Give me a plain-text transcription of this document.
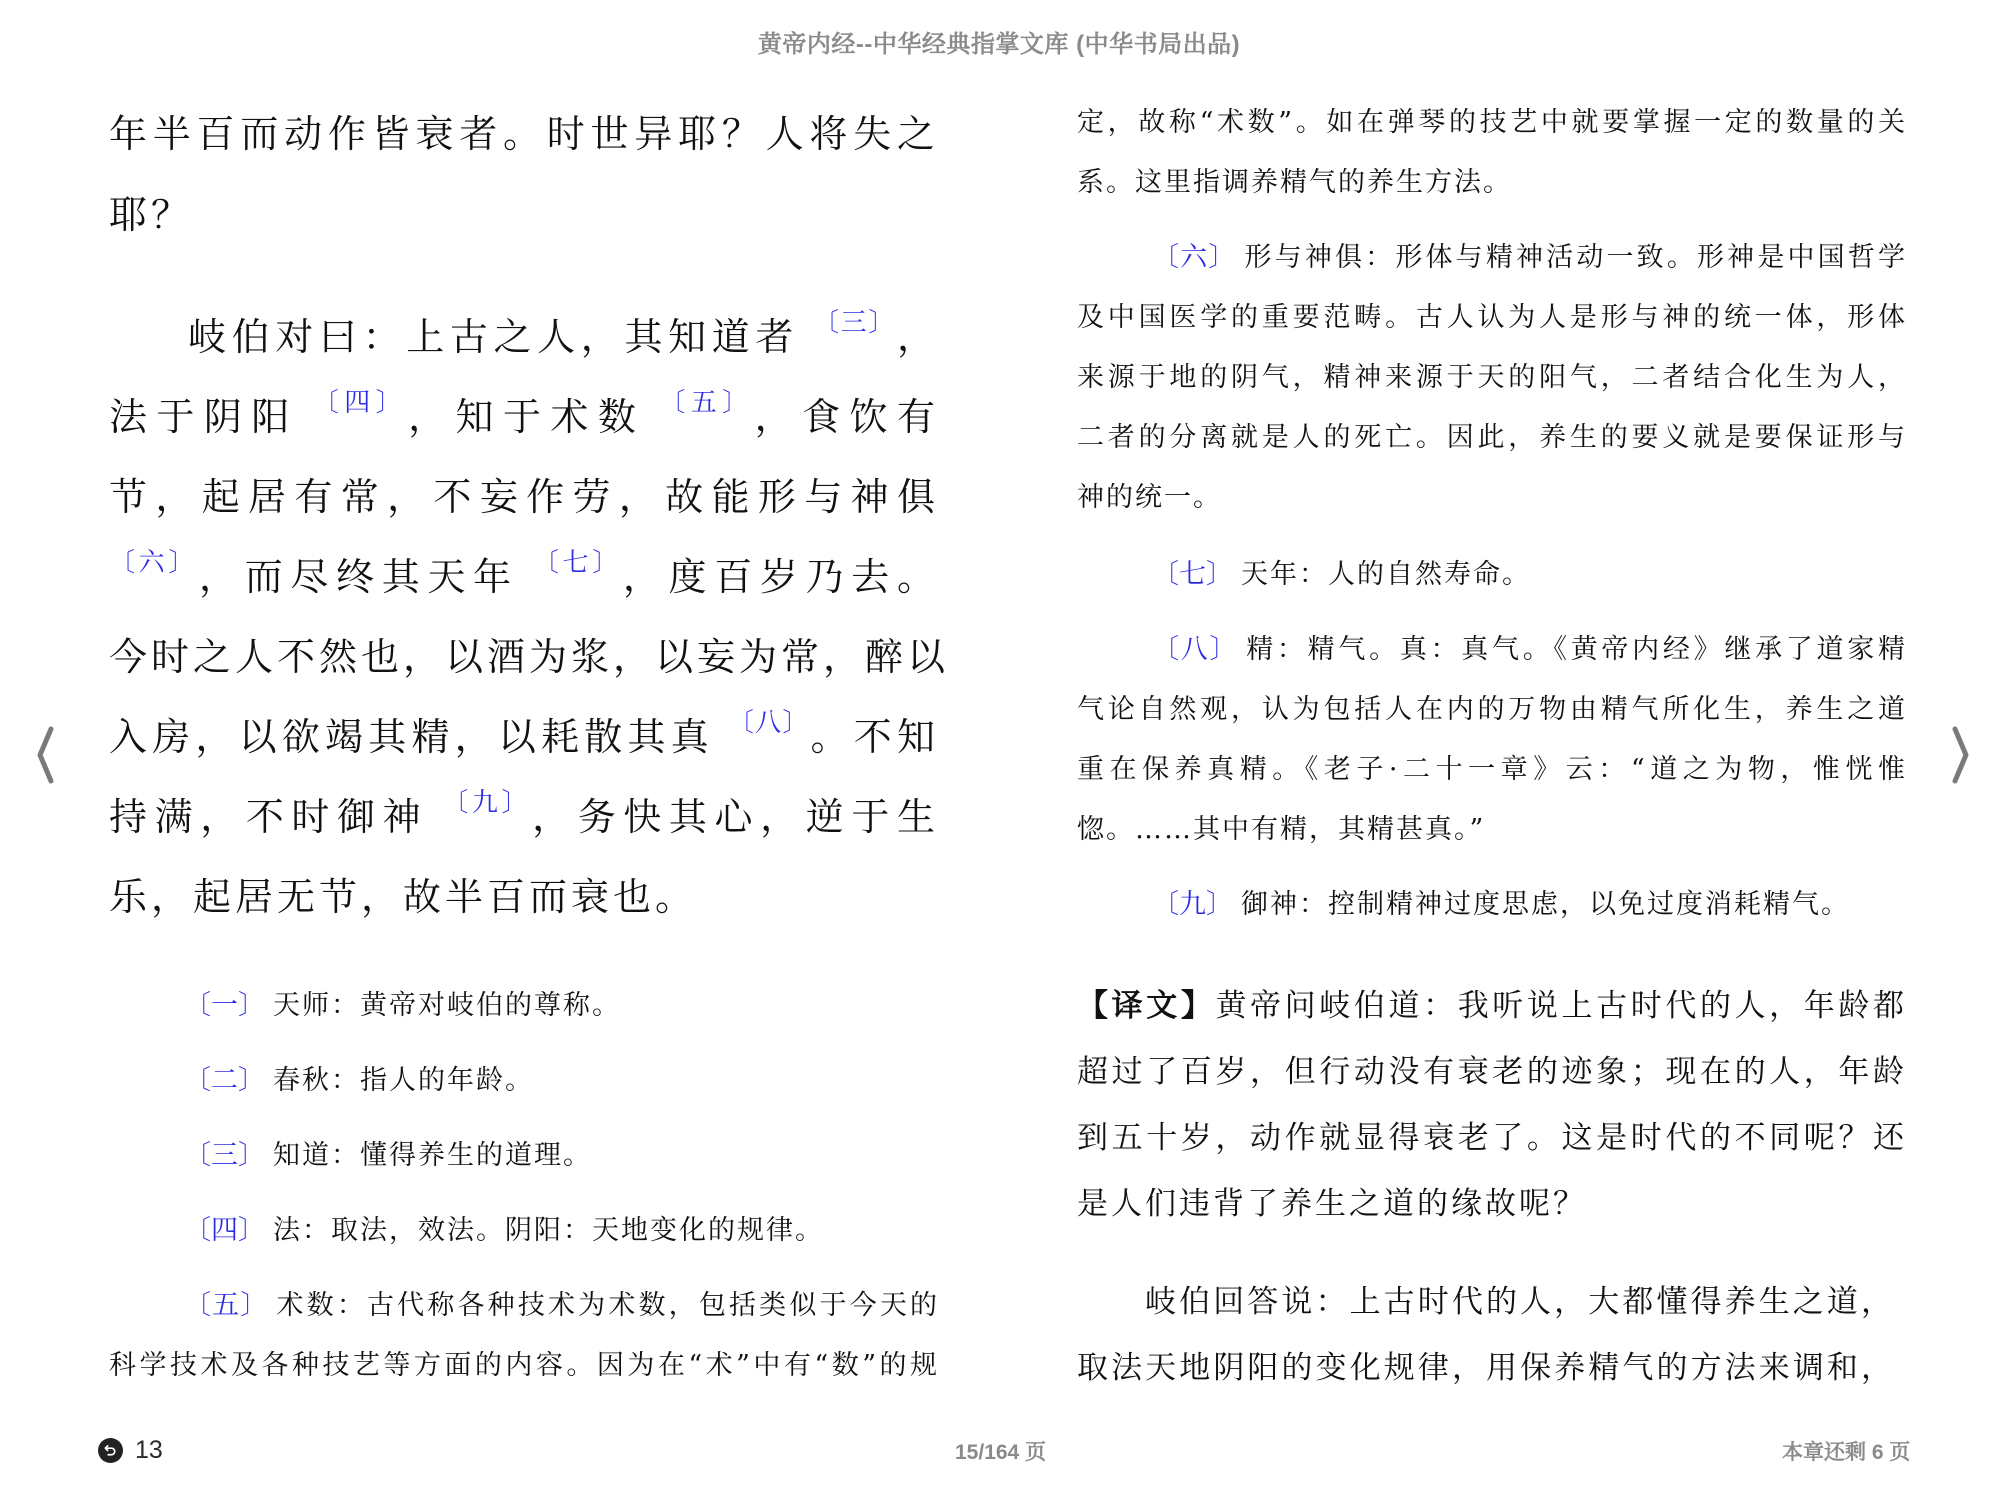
黄帝内经--中华经典指掌文库 (中华书局出品)
年半百而动作皆衰者。时世异耶？人将失之
耶？
岐伯对曰：上古之人，其知道者 $^{〔三〕}$ ，
法于阴阳 $^{〔四〕}$ ，知于术数 $^{〔五〕}$ ，食饮有
节，起居有常，不妄作劳，故能形与神俱
$^{〔六〕}$ ，而尽终其天年 $^{〔七〕}$ ，度百岁乃去。
今时之人不然也，以酒为浆，以妄为常，醉以
入房，以欲竭其精，以耗散其真 $^{〔八〕}$ 。不知
持满，不时御神 $^{〔九〕}$ ，务快其心，逆于生
乐，起居无节，故半百而衰也。
〔一〕 天师：黄帝对岐伯的尊称。
〔二〕 春秋：指人的年龄。
〔三〕 知道：懂得养生的道理。
〔四〕 法：取法，效法。阴阳：天地变化的规律。
〔五〕 术数：古代称各种技术为术数，包括类似于今天的
科学技术及各种技艺等方面的内容。因为在“术”中有“数”的规
定，故称“术数”。如在弹琴的技艺中就要掌握一定的数量的关
系。这里指调养精气的养生方法。
〔六〕 形与神俱：形体与精神活动一致。形神是中国哲学
及中国医学的重要范畴。古人认为人是形与神的统一体，形体
来源于地的阴气，精神来源于天的阳气，二者结合化生为人，
二者的分离就是人的死亡。因此，养生的要义就是要保证形与
神的统一。
〔七〕 天年：人的自然寿命。
〔八〕 精：精气。真：真气。《黄帝内经》继承了道家精
气论自然观，认为包括人在内的万物由精气所化生，养生之道
重在保养真精。《老子·二十一章》云：“道之为物，惟恍惟
惚。……其中有精，其精甚真。”
〔九〕 御神：控制精神过度思虑，以免过度消耗精气。
【译文】黄帝问岐伯道：我听说上古时代的人，年龄都
超过了百岁，但行动没有衰老的迹象；现在的人，年龄
到五十岁，动作就显得衰老了。这是时代的不同呢？还
是人们违背了养生之道的缘故呢？
岐伯回答说：上古时代的人，大都懂得养生之道，
取法天地阴阳的变化规律，用保养精气的方法来调和，
13	15/164 页	本章还剩 6 页
